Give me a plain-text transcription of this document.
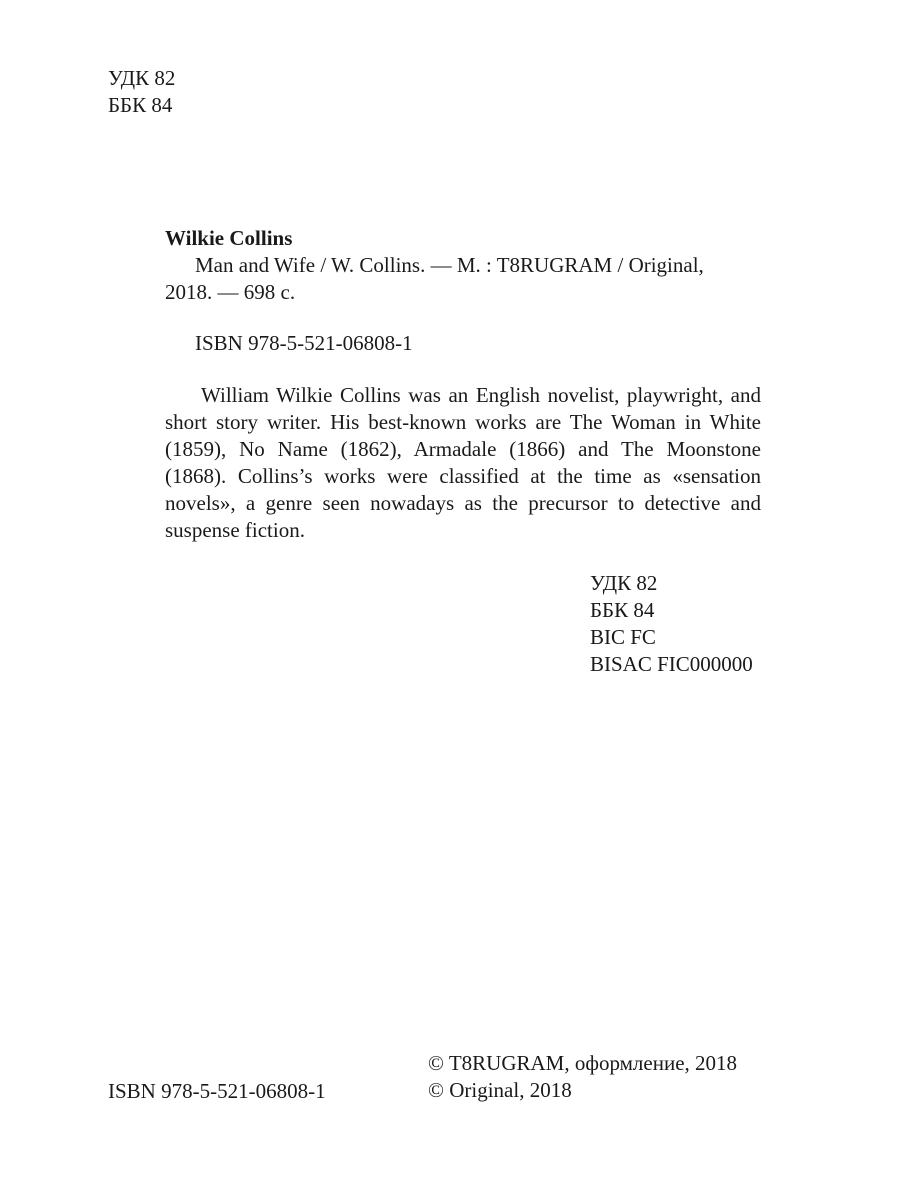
УДК 82
ББК 84
Wilkie Collins
Man and Wife / W. Collins. — M. : T8RUGRAM / Original,
2018. — 698 с.
ISBN 978-5-521-06808-1
William Wilkie Collins was an English novelist, playwright, and short story writer. His best-known works are The Woman in White (1859), No Name (1862), Armadale (1866) and The Moonstone (1868). Collins’s works were classified at the time as «sensation novels», a genre seen nowadays as the precursor to detective and suspense fiction.
УДК 82
ББК 84
BIC FC
BISAC FIC000000
ISBN 978-5-521-06808-1
© T8RUGRAM, оформление, 2018
© Original, 2018
